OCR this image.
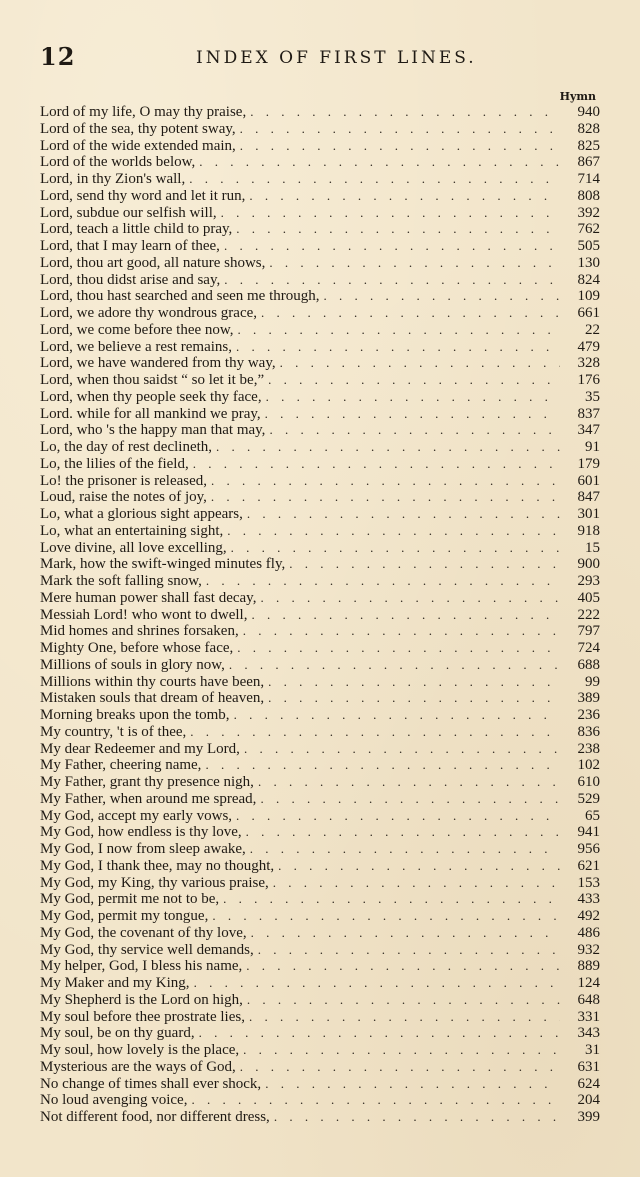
12	INDEX OF FIRST LINES.
Hymn
Lord of my life, O may thy praise, . . .	940
Lord of the sea, thy potent sway, . . .	828
Lord of the wide extended main, . . .	825
Lord of the worlds below, . . .	867
Lord, in thy Zion's wall, . . .	714
Lord, send thy word and let it run, . . .	808
Lord, subdue our selfish will, . . .	392
Lord, teach a little child to pray, . . .	762
Lord, that I may learn of thee, . . .	505
Lord, thou art good, all nature shows, . . .	130
Lord, thou didst arise and say, . . .	824
Lord, thou hast searched and seen me through, . . .	109
Lord, we adore thy wondrous grace, . . .	661
Lord, we come before thee now, . . .	22
Lord, we believe a rest remains, . . .	479
Lord, we have wandered from thy way, . . .	328
Lord, when thou saidst “ so let it be,” . . .	176
Lord, when thy people seek thy face, . . .	35
Lord. while for all mankind we pray, . . .	837
Lord, who 's the happy man that may, . . .	347
Lo, the day of rest declineth, . . .	91
Lo, the lilies of the field, . . .	179
Lo! the prisoner is released, . . .	601
Loud, raise the notes of joy, . . .	847
Lo, what a glorious sight appears, . . .	301
Lo, what an entertaining sight, . . .	918
Love divine, all love excelling, . . .	15
Mark, how the swift-winged minutes fly, . . .	900
Mark the soft falling snow, . . .	293
Mere human power shall fast decay, . . .	405
Messiah Lord! who wont to dwell, . . .	222
Mid homes and shrines forsaken, . . .	797
Mighty One, before whose face, . . .	724
Millions of souls in glory now, . . .	688
Millions within thy courts have been, . . .	99
Mistaken souls that dream of heaven, . . .	389
Morning breaks upon the tomb, . . .	236
My country, 't is of thee, . . .	836
My dear Redeemer and my Lord, . . .	238
My Father, cheering name, . . .	102
My Father, grant thy presence nigh, . . .	610
My Father, when around me spread, . . .	529
My God, accept my early vows, . . .	65
My God, how endless is thy love, . . .	941
My God, I now from sleep awake, . . .	956
My God, I thank thee, may no thought, . . .	621
My God, my King, thy various praise, . . .	153
My God, permit me not to be, . . .	433
My God, permit my tongue, . . .	492
My God, the covenant of thy love, . . .	486
My God, thy service well demands, . . .	932
My helper, God, I bless his name, . . .	889
My Maker and my King, . . .	124
My Shepherd is the Lord on high, . . .	648
My soul before thee prostrate lies, . . .	331
My soul, be on thy guard, . . .	343
My soul, how lovely is the place, . . .	31
Mysterious are the ways of God, . . .	631
No change of times shall ever shock, . . .	624
No loud avenging voice, . . .	204
Not different food, nor different dress, . . .	399
